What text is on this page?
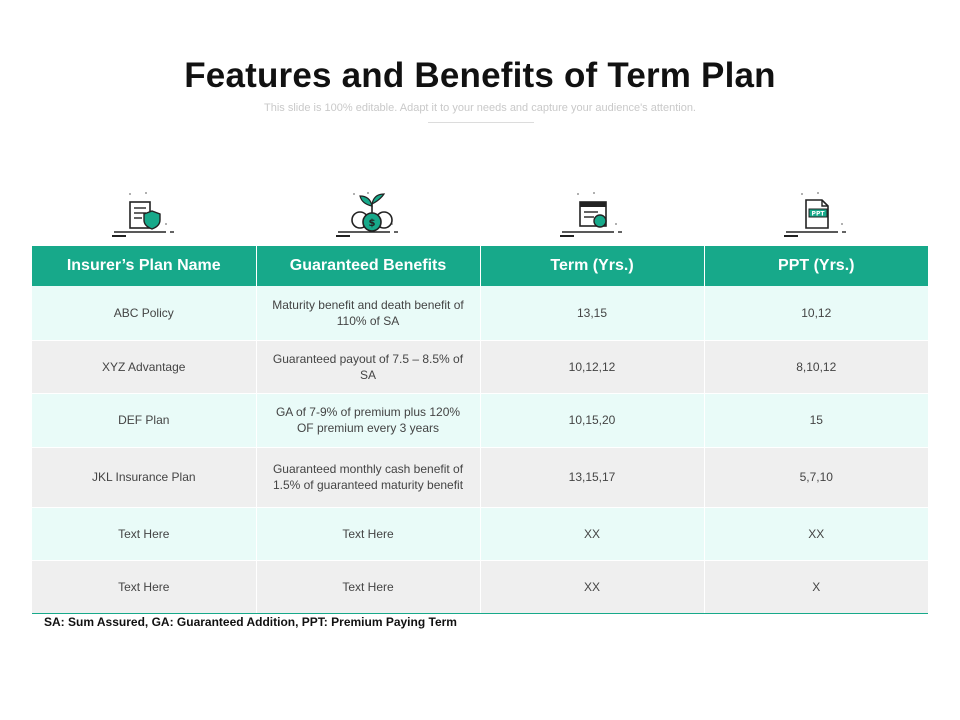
Features and Benefits of Term Plan
This slide is 100% editable. Adapt it to your needs and capture your audience's attention.
$
PPT
Insurer’s Plan Name	Guaranteed Benefits	Term (Yrs.)	PPT (Yrs.)
ABC Policy	Maturity benefit and death benefit of 110% of SA	13,15	10,12
XYZ Advantage	Guaranteed payout of 7.5 – 8.5% of SA	10,12,12	8,10,12
DEF Plan	GA of 7-9% of premium plus 120% OF premium every 3 years	10,15,20	15
JKL Insurance Plan	Guaranteed monthly cash benefit of 1.5% of guaranteed maturity benefit	13,15,17	5,7,10
Text Here	Text Here	XX	XX
Text Here	Text Here	XX	X
SA: Sum Assured, GA: Guaranteed Addition, PPT: Premium Paying Term
